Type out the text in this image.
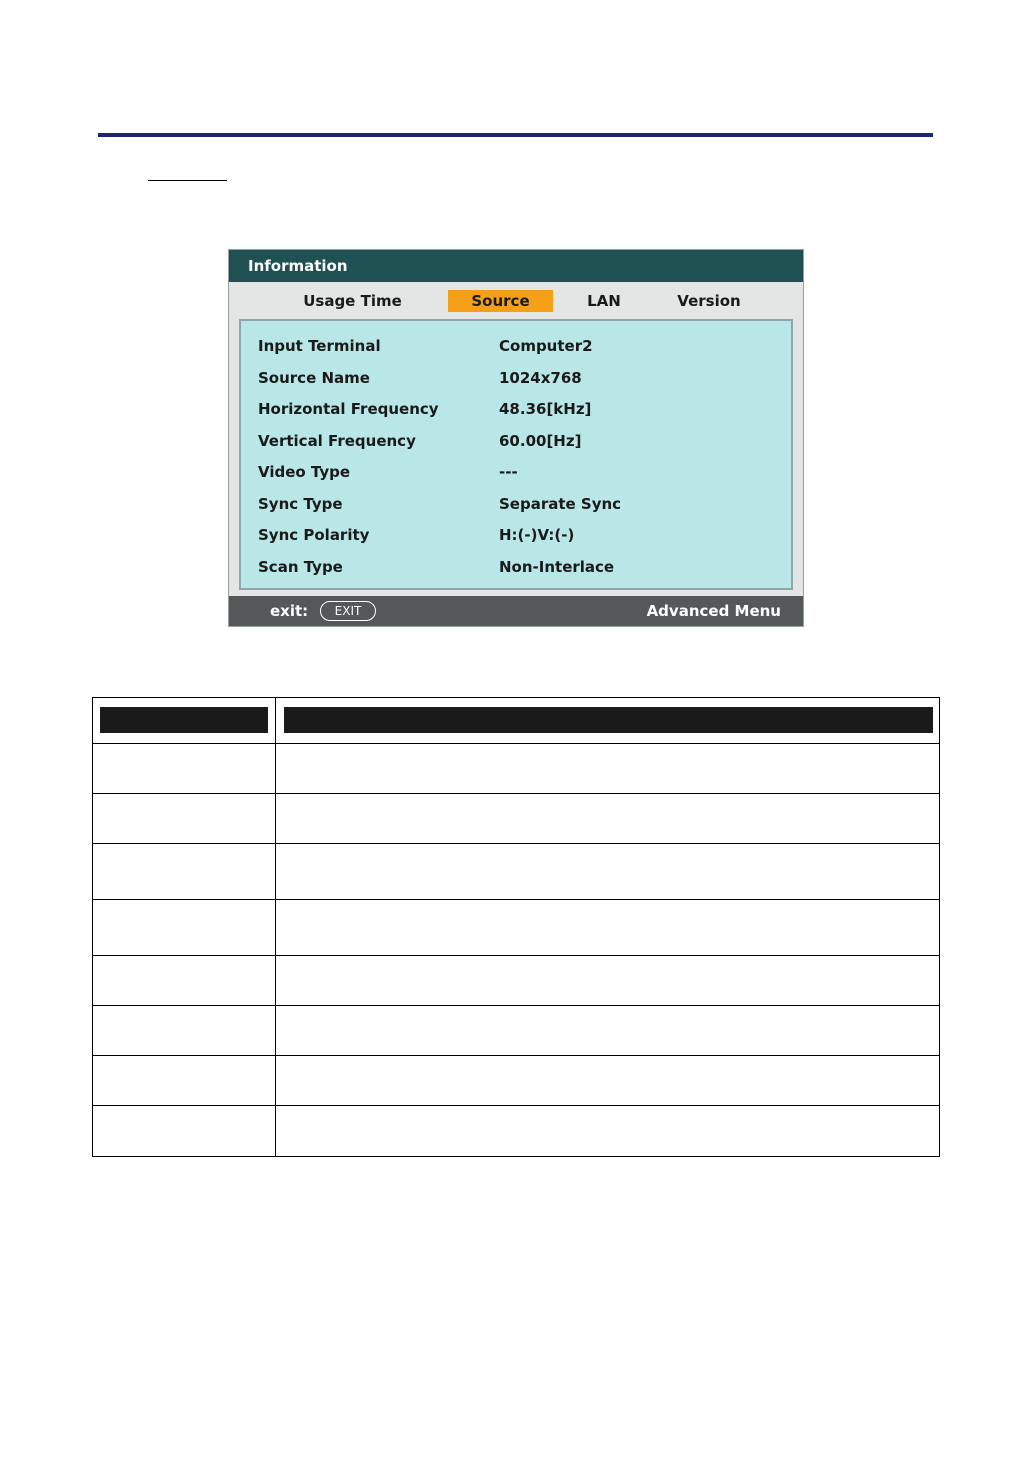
Information
Usage Time	Source	LAN	Version
Input Terminal	Computer2
Source Name	1024x768
Horizontal Frequency	48.36[kHz]
Vertical Frequency	60.00[Hz]
Video Type	---
Sync Type	Separate Sync
Sync Polarity	H:(-)V:(-)
Scan Type	Non-Interlace
exit:	EXIT	Advanced Menu
